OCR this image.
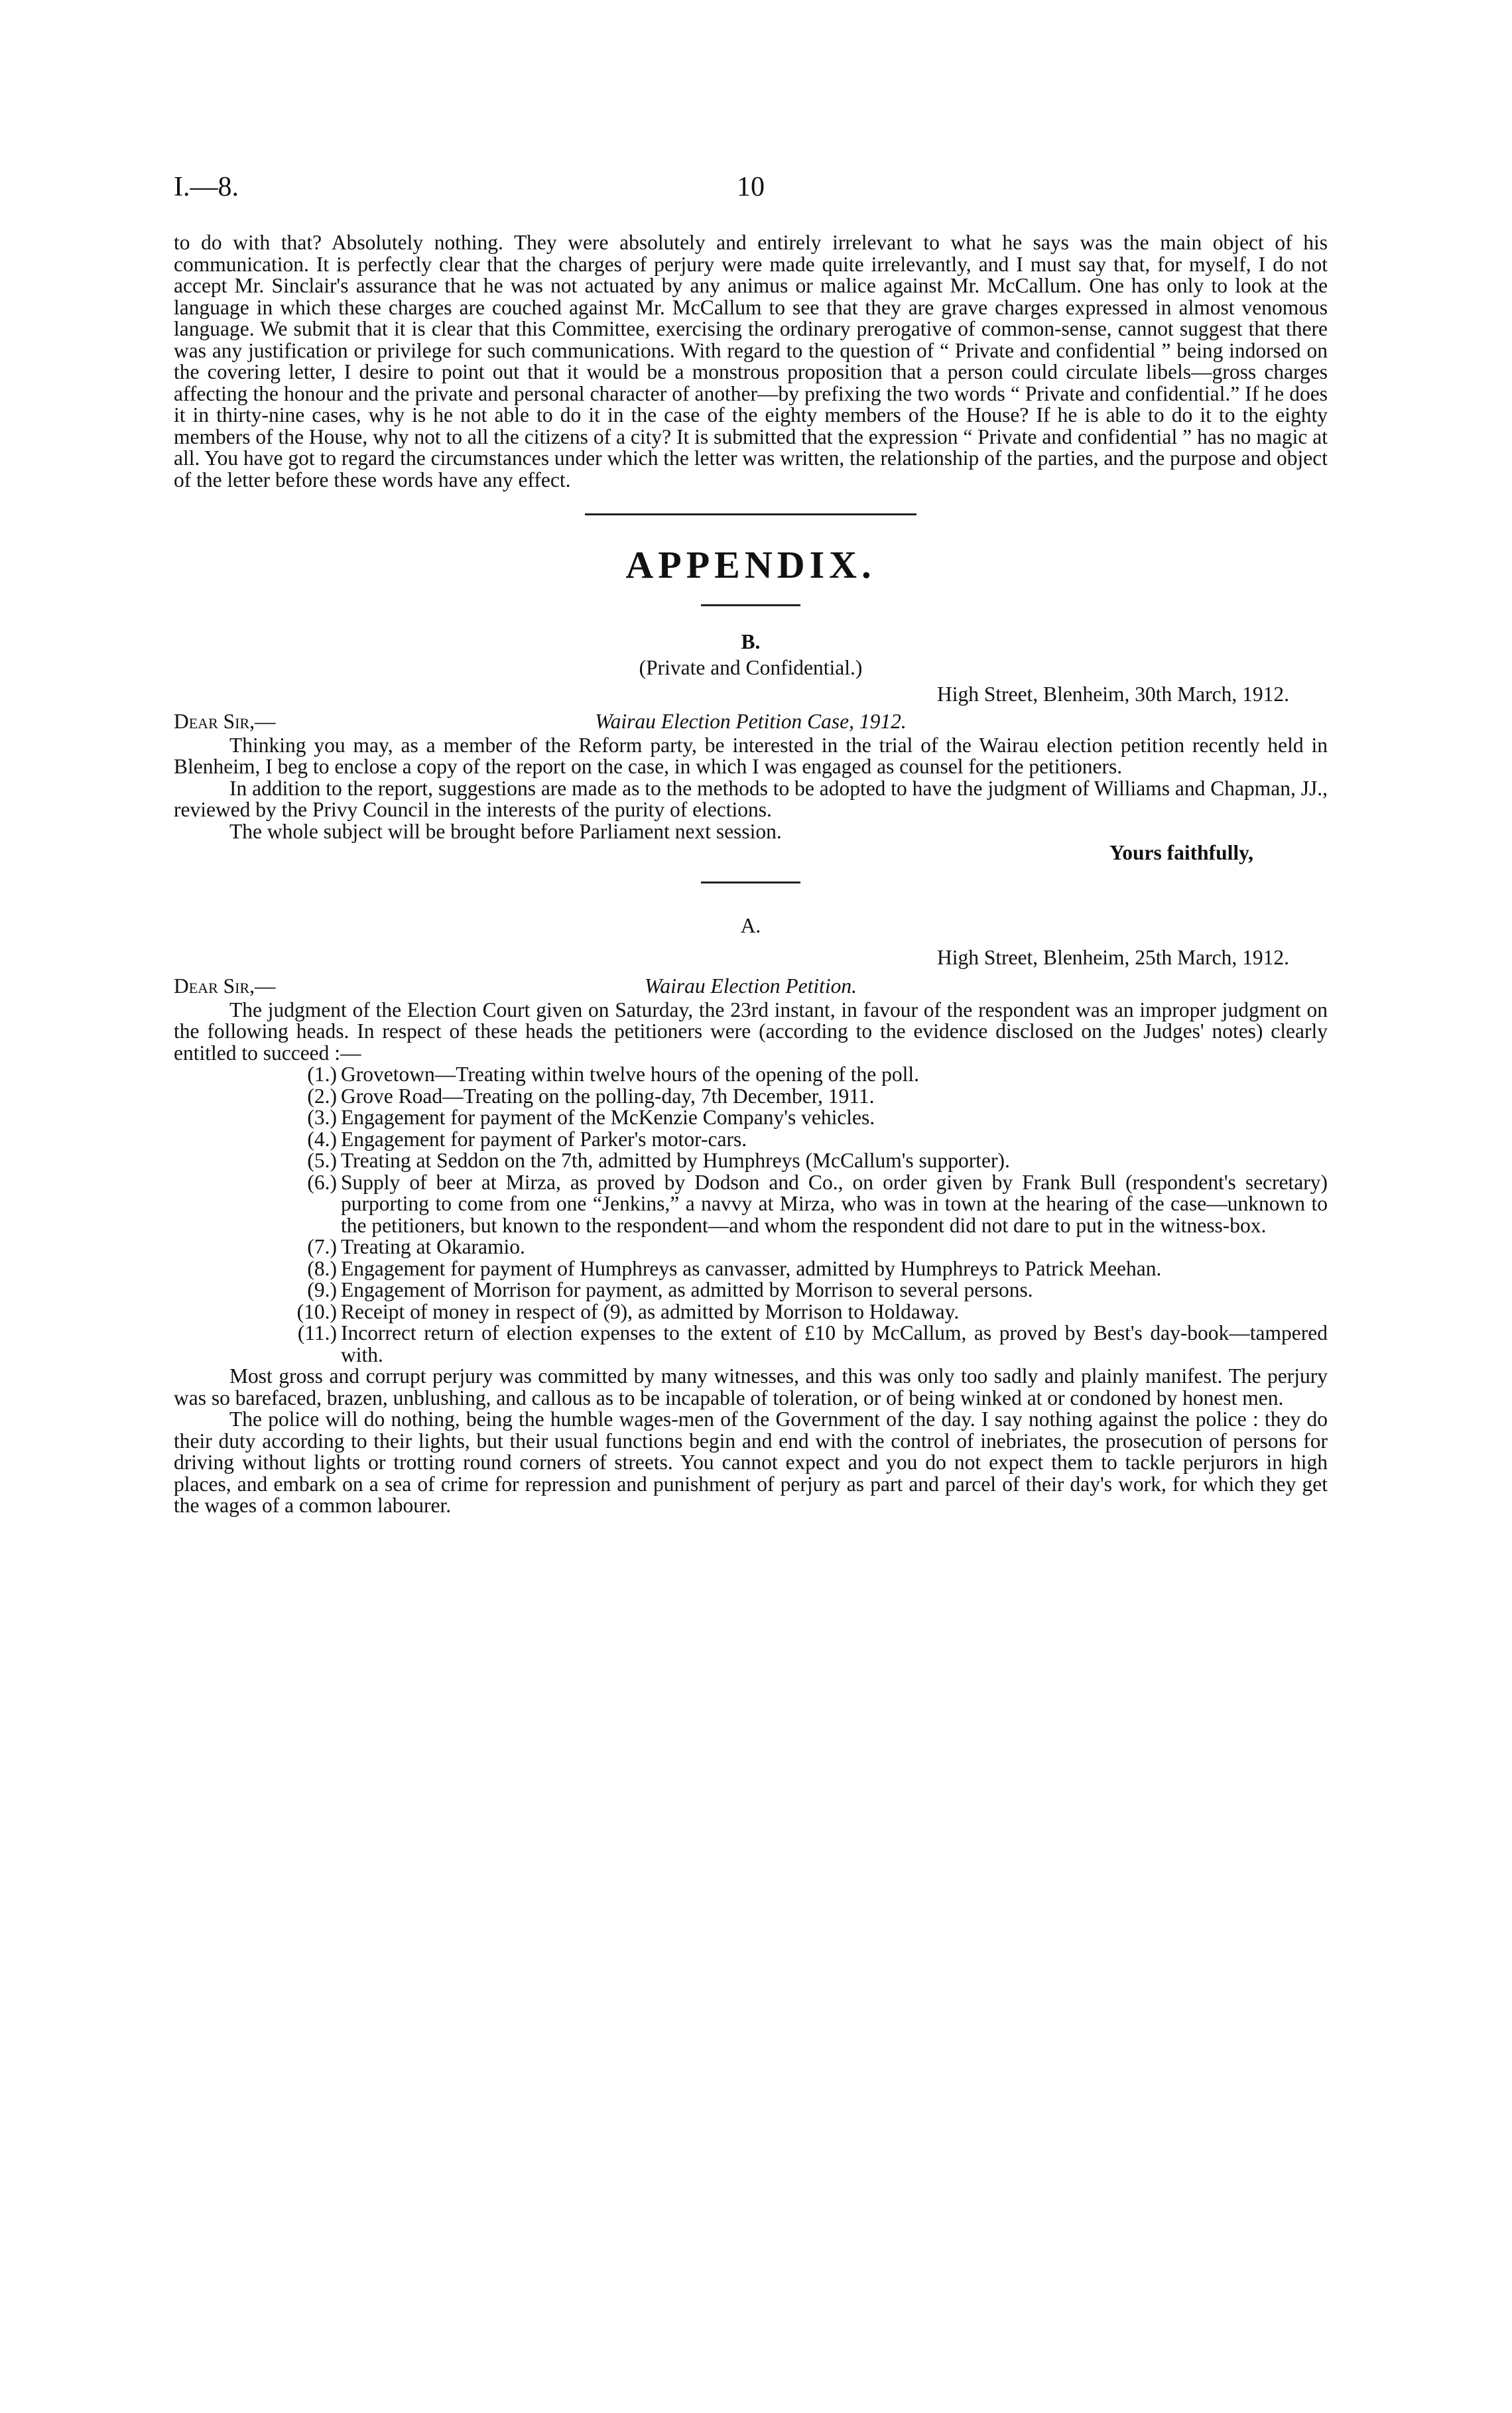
I.—8.	10

to do with that? Absolutely nothing. They were absolutely and entirely irrelevant to what he says was the main object of his communication. It is perfectly clear that the charges of perjury were made quite irrelevantly, and I must say that, for myself, I do not accept Mr. Sinclair's assurance that he was not actuated by any animus or malice against Mr. McCallum. One has only to look at the language in which these charges are couched against Mr. McCallum to see that they are grave charges expressed in almost venomous language. We submit that it is clear that this Committee, exercising the ordinary prerogative of common-sense, cannot suggest that there was any justification or privilege for such communications. With regard to the question of “ Private and confidential ” being indorsed on the covering letter, I desire to point out that it would be a monstrous proposition that a person could circulate libels—gross charges affecting the honour and the private and personal character of another—by prefixing the two words “ Private and confidential.” If he does it in thirty-nine cases, why is he not able to do it in the case of the eighty members of the House? If he is able to do it to the eighty members of the House, why not to all the citizens of a city? It is submitted that the expression “ Private and confidential ” has no magic at all. You have got to regard the circumstances under which the letter was written, the relationship of the parties, and the purpose and object of the letter before these words have any effect.

APPENDIX.
B.
(Private and Confidential.)
High Street, Blenheim, 30th March, 1912.
Dear Sir,—	Wairau Election Petition Case, 1912.

Thinking you may, as a member of the Reform party, be interested in the trial of the Wairau election petition recently held in Blenheim, I beg to enclose a copy of the report on the case, in which I was engaged as counsel for the petitioners.

In addition to the report, suggestions are made as to the methods to be adopted to have the judgment of Williams and Chapman, JJ., reviewed by the Privy Council in the interests of the purity of elections.

The whole subject will be brought before Parliament next session.

Yours faithfully,
A.
High Street, Blenheim, 25th March, 1912.
Dear Sir,—	Wairau Election Petition.

The judgment of the Election Court given on Saturday, the 23rd instant, in favour of the respondent was an improper judgment on the following heads. In respect of these heads the petitioners were (according to the evidence disclosed on the Judges' notes) clearly entitled to succeed :—

(1.) Grovetown—Treating within twelve hours of the opening of the poll.
(2.) Grove Road—Treating on the polling-day, 7th December, 1911.
(3.) Engagement for payment of the McKenzie Company's vehicles.
(4.) Engagement for payment of Parker's motor-cars.
(5.) Treating at Seddon on the 7th, admitted by Humphreys (McCallum's supporter).
(6.) Supply of beer at Mirza, as proved by Dodson and Co., on order given by Frank Bull (respondent's secretary) purporting to come from one “Jenkins,” a navvy at Mirza, who was in town at the hearing of the case—unknown to the petitioners, but known to the respondent—and whom the respondent did not dare to put in the witness-box.
(7.) Treating at Okaramio.
(8.) Engagement for payment of Humphreys as canvasser, admitted by Humphreys to Patrick Meehan.
(9.) Engagement of Morrison for payment, as admitted by Morrison to several persons.
(10.) Receipt of money in respect of (9), as admitted by Morrison to Holdaway.
(11.) Incorrect return of election expenses to the extent of £10 by McCallum, as proved by Best's day-book—tampered with.

Most gross and corrupt perjury was committed by many witnesses, and this was only too sadly and plainly manifest. The perjury was so barefaced, brazen, unblushing, and callous as to be incapable of toleration, or of being winked at or condoned by honest men.

The police will do nothing, being the humble wages-men of the Government of the day. I say nothing against the police : they do their duty according to their lights, but their usual functions begin and end with the control of inebriates, the prosecution of persons for driving without lights or trotting round corners of streets. You cannot expect and you do not expect them to tackle perjurors in high places, and embark on a sea of crime for repression and punishment of perjury as part and parcel of their day's work, for which they get the wages of a common labourer.
